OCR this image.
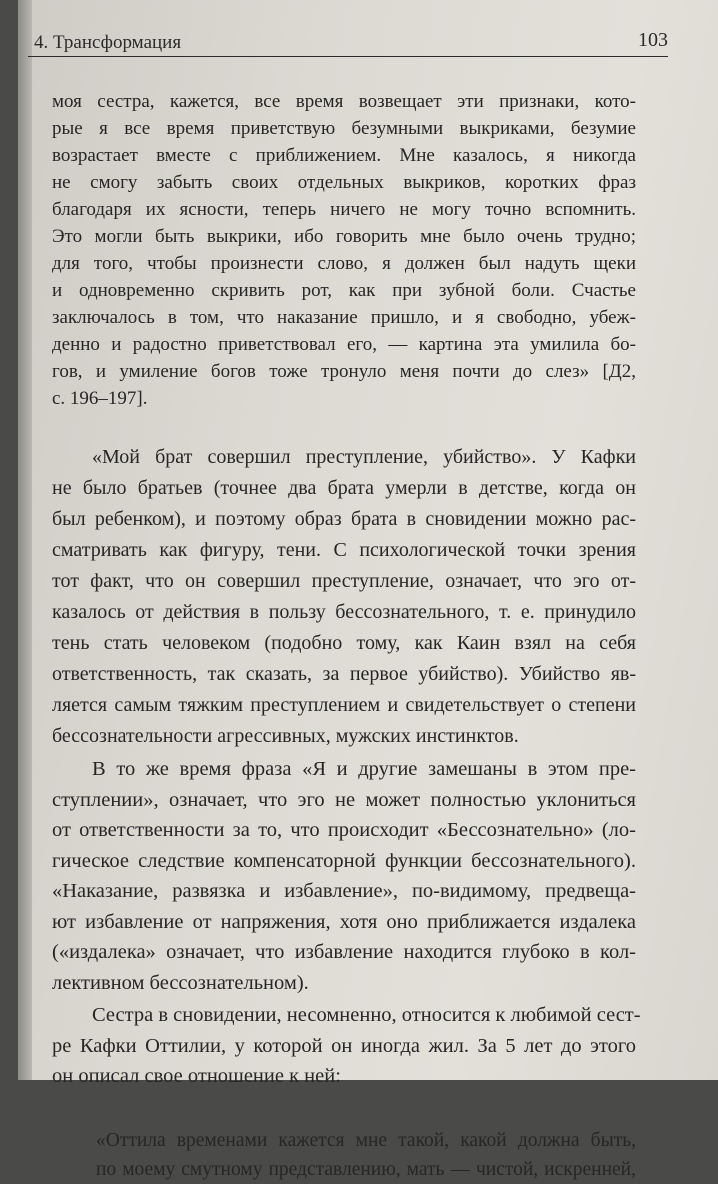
4. Трансформация	103
моя сестра, кажется, все время возвещает эти признаки, кото-
рые я все время приветствую безумными выкриками, безумие
возрастает вместе с приближением. Мне казалось, я никогда
не смогу забыть своих отдельных выкриков, коротких фраз
благодаря их ясности, теперь ничего не могу точно вспомнить.
Это могли быть выкрики, ибо говорить мне было очень трудно;
для того, чтобы произнести слово, я должен был надуть щеки
и одновременно скривить рот, как при зубной боли. Счастье
заключалось в том, что наказание пришло, и я свободно, убеж-
денно и радостно приветствовал его, — картина эта умилила бо-
гов, и умиление богов тоже тронуло меня почти до слез» [Д2,
с. 196–197].
«Мой брат совершил преступление, убийство». У Кафки
не было братьев (точнее два брата умерли в детстве, когда он
был ребенком), и поэтому образ брата в сновидении можно рас-
сматривать как фигуру, тени. С психологической точки зрения
тот факт, что он совершил преступление, означает, что эго от-
казалось от действия в пользу бессознательного, т. е. принудило
тень стать человеком (подобно тому, как Каин взял на себя
ответственность, так сказать, за первое убийство). Убийство яв-
ляется самым тяжким преступлением и свидетельствует о степени
бессознательности агрессивных, мужских инстинктов.
В то же время фраза «Я и другие замешаны в этом пре-
ступлении», означает, что эго не может полностью уклониться
от ответственности за то, что происходит «Бессознательно» (ло-
гическое следствие компенсаторной функции бессознательного).
«Наказание, развязка и избавление», по-видимому, предвеща-
ют избавление от напряжения, хотя оно приближается издалека
(«издалека» означает, что избавление находится глубоко в кол-
лективном бессознательном).
Сестра в сновидении, несомненно, относится к любимой сест-
ре Кафки Оттилии, у которой он иногда жил. За 5 лет до этого
он описал свое отношение к ней:
«Оттила временами кажется мне такой, какой должна быть,
по моему смутному представлению, мать — чистой, искренней,
